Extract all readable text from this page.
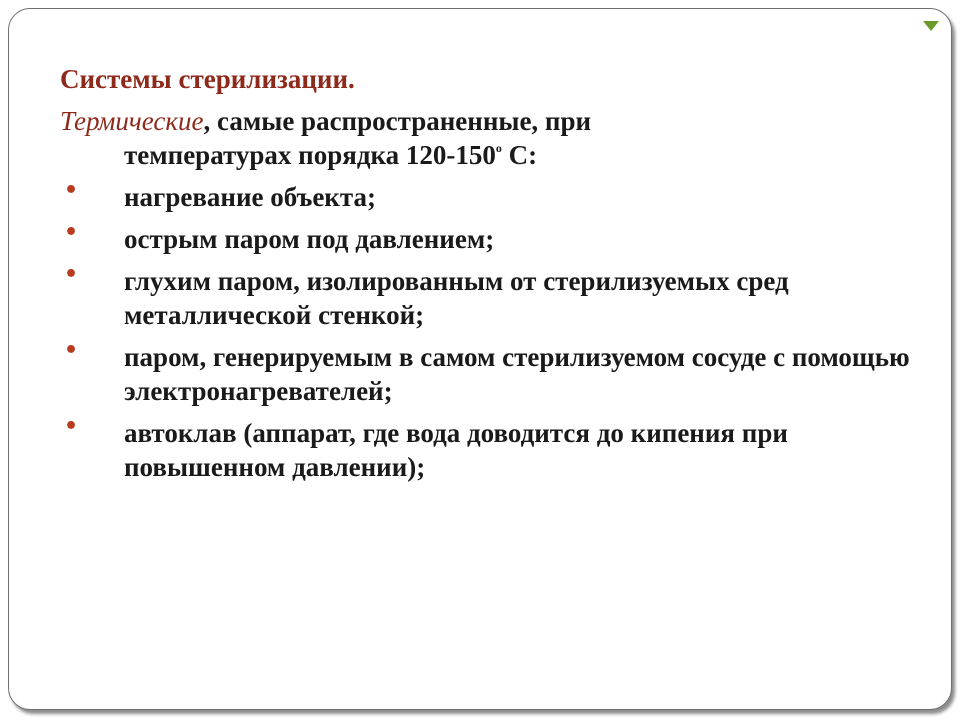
Системы стерилизации.
Термические, самые распространенные, при
температурах порядка $120-150^о$ С:
• нагревание объекта;
• острым паром под давлением;
• глухим паром, изолированным от стерилизуемых сред металлической стенкой;
• паром, генерируемым в самом стерилизуемом сосуде с помощью электронагревателей;
• автоклав (аппарат, где вода доводится до кипения при повышенном давлении);
